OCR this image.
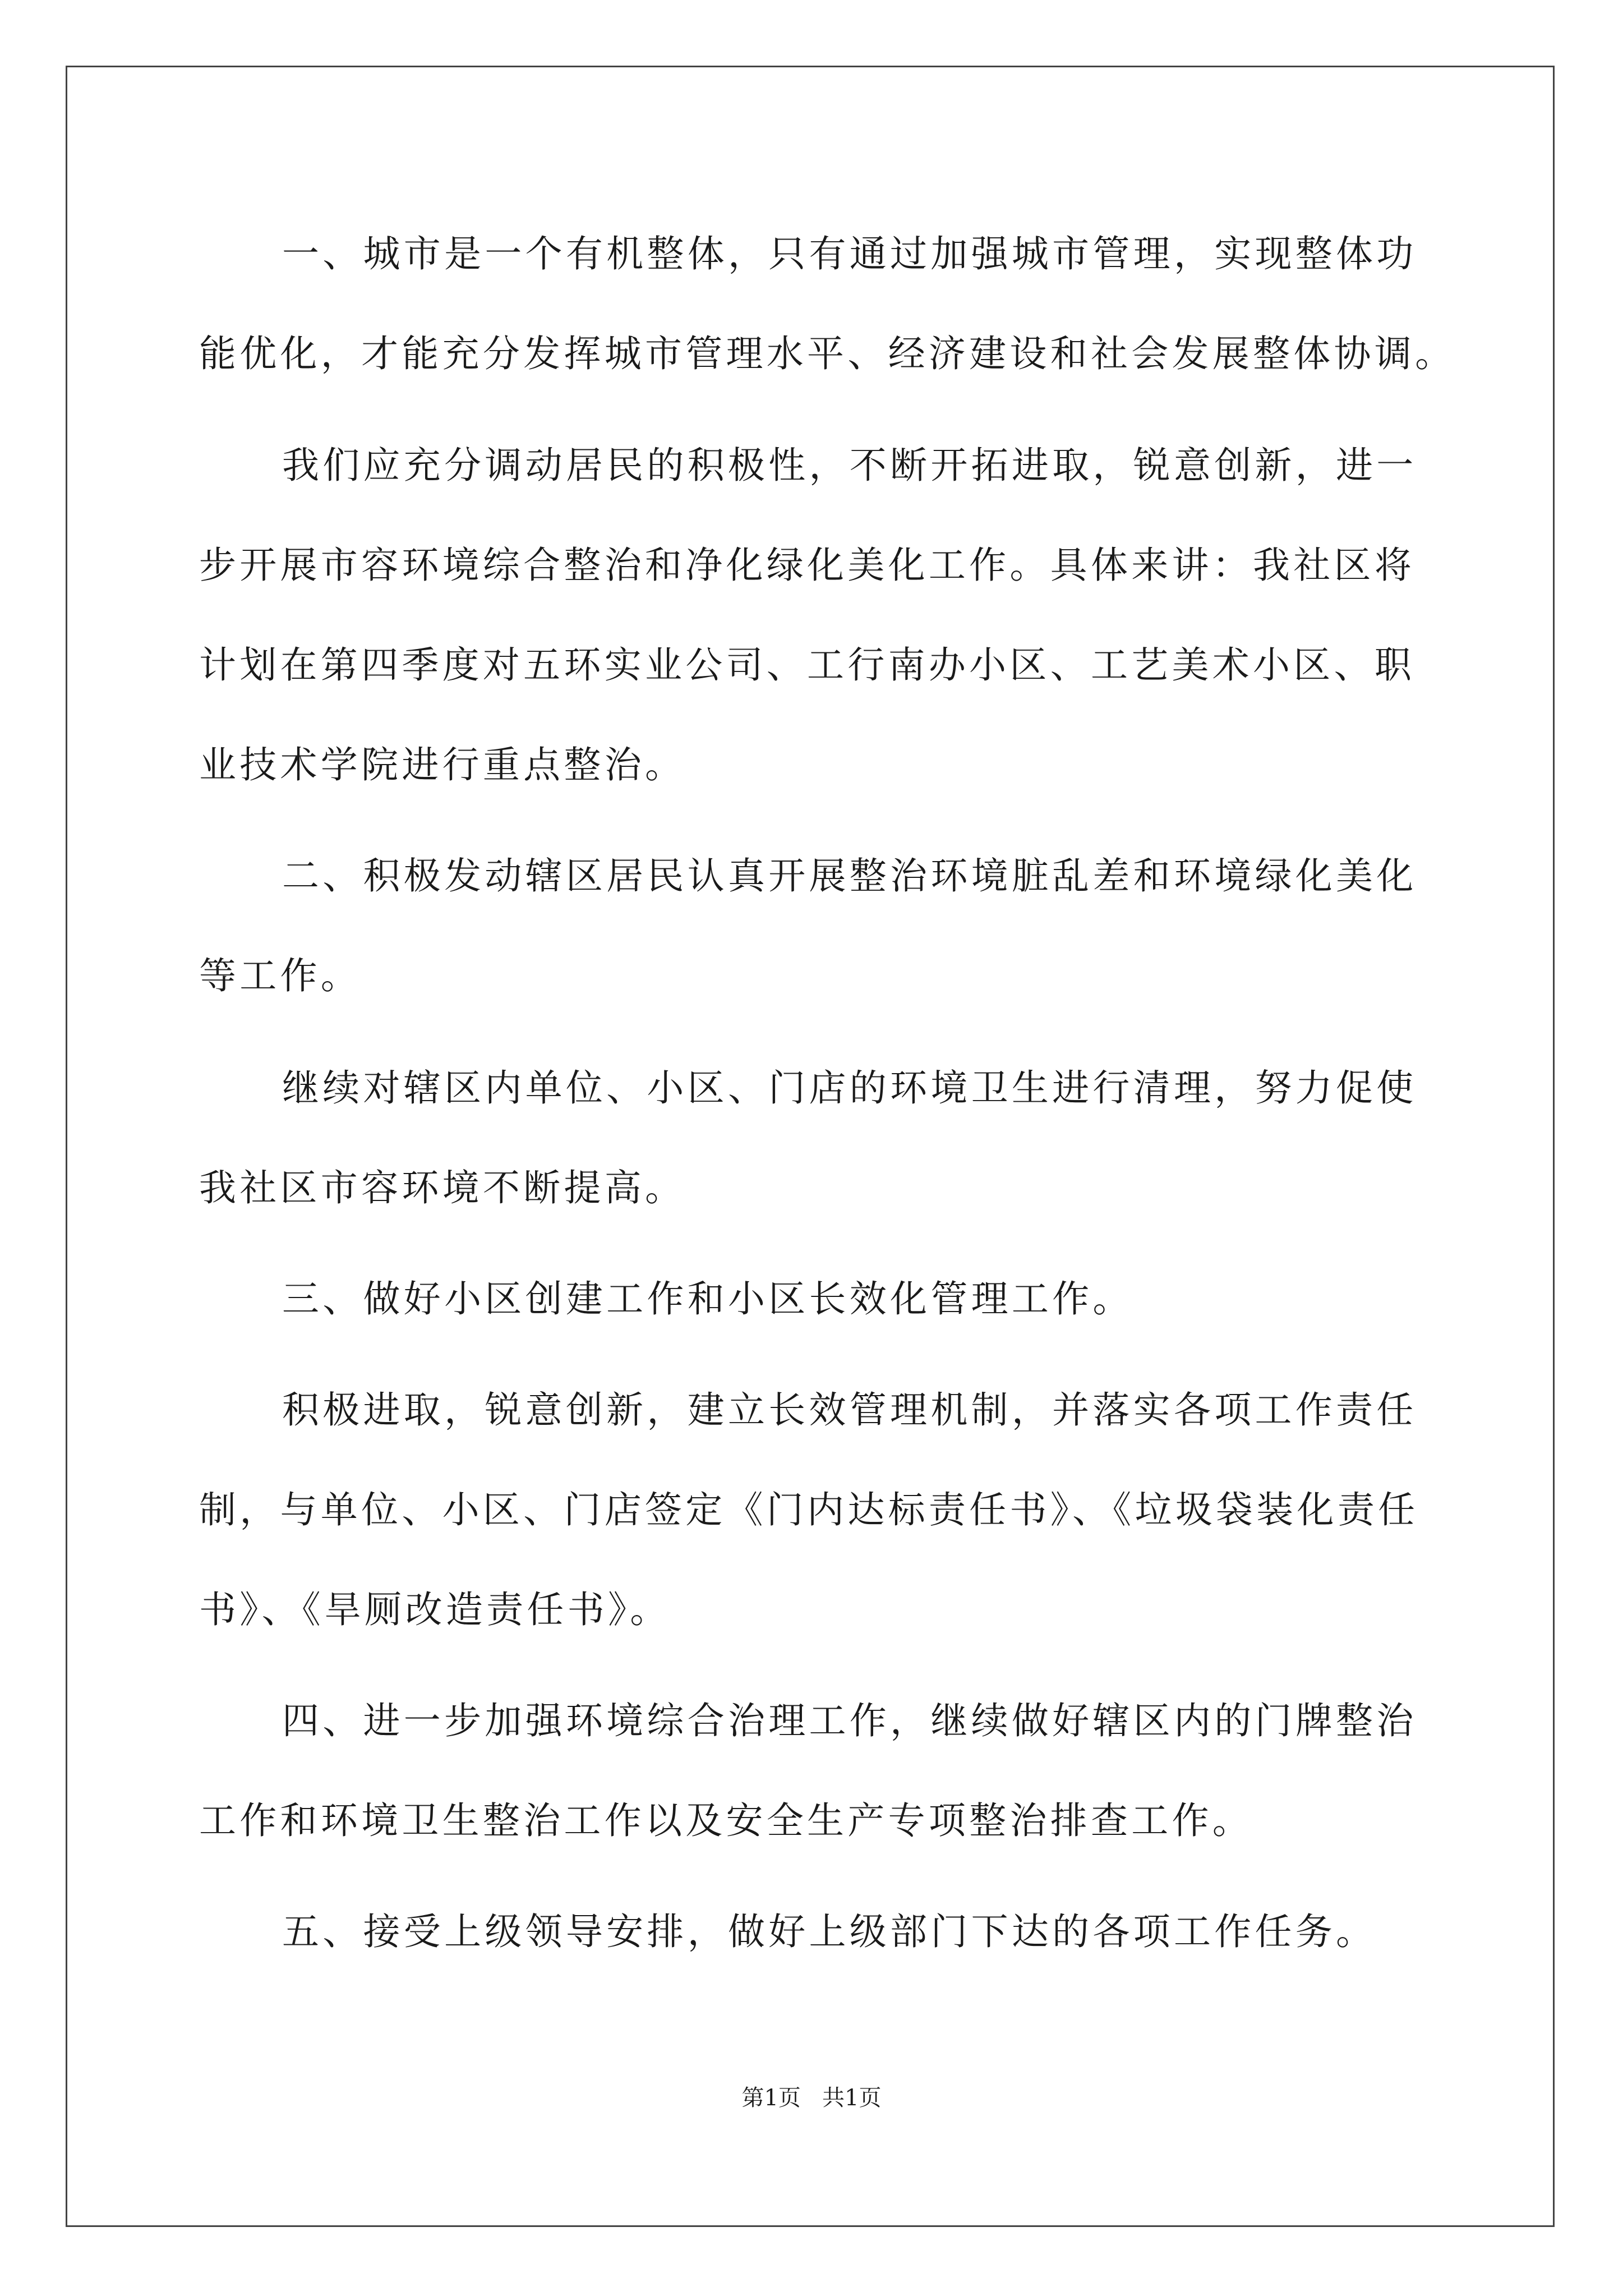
一、城市是一个有机整体，只有通过加强城市管理，实现整体功
能优化，才能充分发挥城市管理水平、经济建设和社会发展整体协调。
我们应充分调动居民的积极性，不断开拓进取，锐意创新，进一
步开展市容环境综合整治和净化绿化美化工作。具体来讲：我社区将
计划在第四季度对五环实业公司、工行南办小区、工艺美术小区、职
业技术学院进行重点整治。
二、积极发动辖区居民认真开展整治环境脏乱差和环境绿化美化
等工作。
继续对辖区内单位、小区、门店的环境卫生进行清理，努力促使
我社区市容环境不断提高。
三、做好小区创建工作和小区长效化管理工作。
积极进取，锐意创新，建立长效管理机制，并落实各项工作责任
制，与单位、小区、门店签定《门内达标责任书》、《垃圾袋装化责任
书》、《旱厕改造责任书》。
四、进一步加强环境综合治理工作，继续做好辖区内的门牌整治
工作和环境卫生整治工作以及安全生产专项整治排查工作。
五、接受上级领导安排，做好上级部门下达的各项工作任务。
第1页   共1页
